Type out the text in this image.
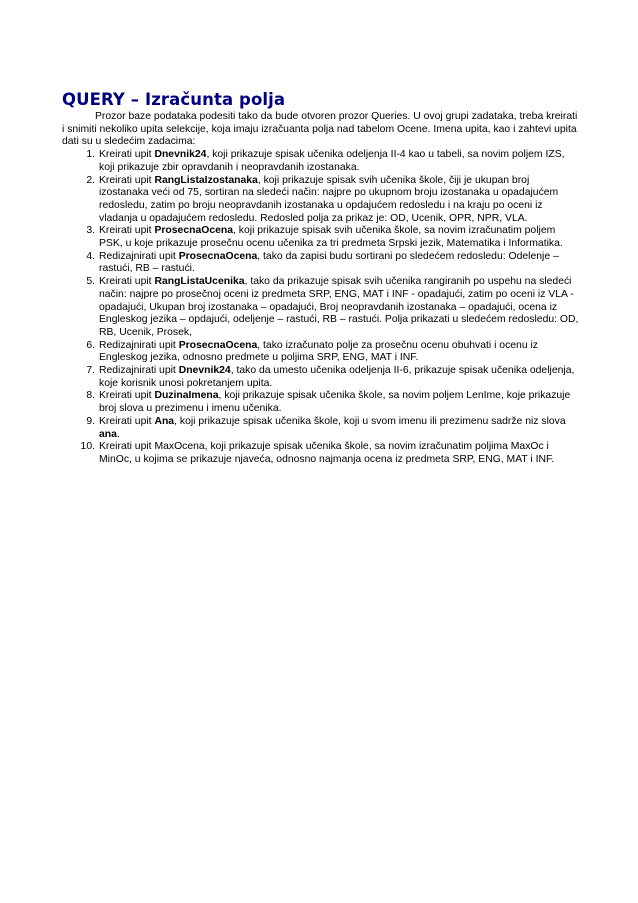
QUERY – Izračunta polja

Prozor baze podataka podesiti tako da bude otvoren prozor Queries. U ovoj grupi zadataka, treba kreirati i snimiti nekoliko upita selekcije, koja imaju izračuanta polja nad tabelom Ocene. Imena upita, kao i zahtevi upita dati su u sledećim zadacima:

1. Kreirati upit Dnevnik24, koji prikazuje spisak učenika odeljenja II-4 kao u tabeli, sa novim poljem IZS, koji prikazuje zbir opravdanih i neopravdanih izostanaka.
2. Kreirati upit RangListaIzostanaka, koji prikazuje spisak svih učenika škole, čiji je ukupan broj izostanaka veći od 75, sortiran na sledeći način: najpre po ukupnom broju izostanaka u opadajućem redosledu, zatim po broju neopravdanih izostanaka u opdajućem redosledu i na kraju po oceni iz vladanja u opadajućem redosledu. Redosled polja za prikaz je: OD, Ucenik, OPR, NPR, VLA.
3. Kreirati upit ProsecnaOcena, koji prikazuje spisak svih učenika škole, sa novim izračunatim poljem PSK, u koje prikazuje prosečnu ocenu učenika za tri predmeta Srpski jezik, Matematika i Informatika.
4. Redizajnirati upit ProsecnaOcena, tako da zapisi budu sortirani po sledećem redosledu: Odelenje – rastući, RB – rastući.
5. Kreirati upit RangListaUcenika, tako da prikazuje spisak svih učenika rangiranih po uspehu na sledeći način: najpre po prosečnoj oceni iz predmeta SRP, ENG, MAT i INF - opadajući, zatim po oceni iz VLA - opadajući, Ukupan broj izostanaka – opadajući, Broj neopravdanih izostanaka – opadajući, ocena iz Engleskog jezika – opdajući, odeljenje – rastući, RB – rastući. Polja prikazati u sledećem redosledu: OD, RB, Ucenik, Prosek,
6. Redizajnirati upit ProsecnaOcena, tako izračunato polje za prosečnu ocenu obuhvati i ocenu iz Engleskog jezika, odnosno predmete u poljima SRP, ENG, MAT i INF.
7. Redizajnirati upit Dnevnik24, tako da umesto učenika odeljenja II-6, prikazuje spisak učenika odeljenja, koje korisnik unosi pokretanjem upita.
8. Kreirati upit DuzinaImena, koji prikazuje spisak učenika škole, sa novim poljem LenIme, koje prikazuje broj slova u prezimenu i imenu učenika.
9. Kreirati upit Ana, koji prikazuje spisak učenika škole, koji u svom imenu ili prezimenu sadrže niz slova ana.
10. Kreirati upit MaxOcena, koji prikazuje spisak učenika škole, sa novim izračunatim poljima MaxOc i MinOc, u kojima se prikazuje njaveća, odnosno najmanja ocena iz predmeta SRP, ENG, MAT i INF.
